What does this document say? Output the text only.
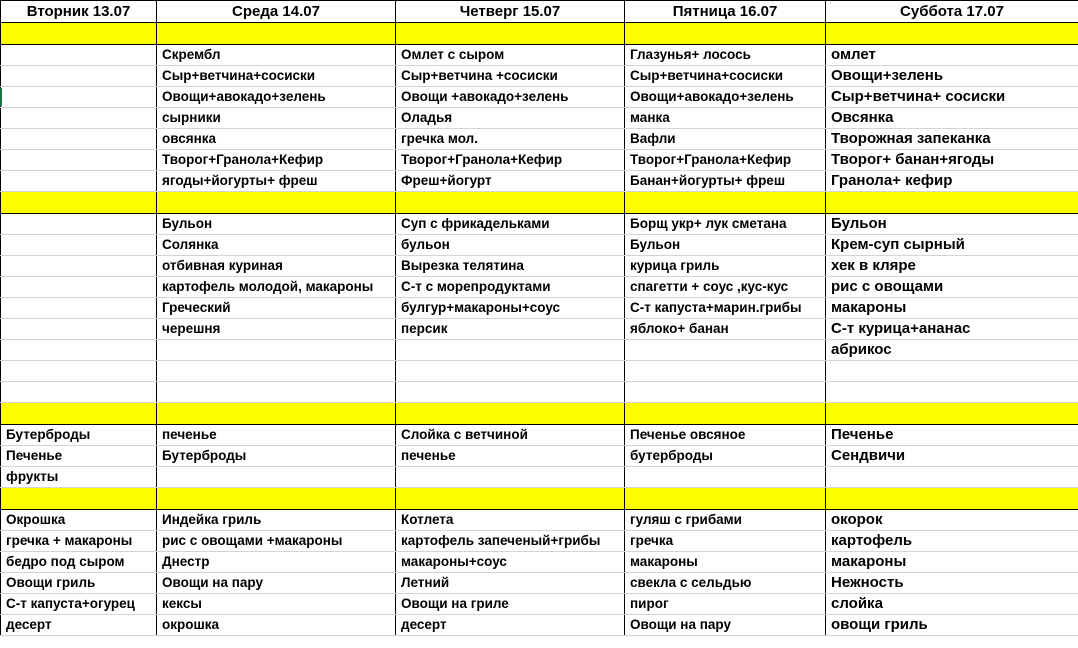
Вторник 13.07	Среда 14.07	Четверг 15.07	Пятница 16.07	Суббота 17.07

	Скрембл	Омлет с сыром	Глазунья+ лосось	омлет
	Сыр+ветчина+сосиски	Сыр+ветчина +сосиски	Сыр+ветчина+сосиски	Овощи+зелень
	Овощи+авокадо+зелень	Овощи +авокадо+зелень	Овощи+авокадо+зелень	Сыр+ветчина+ сосиски
	сырники	Оладья	манка	Овсянка
	овсянка	гречка мол.	Вафли	Творожная запеканка
	Творог+Гранола+Кефир	Творог+Гранола+Кефир	Творог+Гранола+Кефир	Творог+ банан+ягоды
	ягоды+йогурты+ фреш	Фреш+йогурт	Банан+йогурты+ фреш	Гранола+ кефир

	Бульон	Суп с фрикадельками	Борщ укр+ лук сметана	Бульон
	Солянка	бульон	Бульон	Крем-суп сырный
	отбивная куриная	Вырезка телятина	курица гриль	хек в кляре
	картофель молодой, макароны	С-т с морепродуктами	спагетти + соус ,кус-кус	рис с овощами
	Греческий	булгур+макароны+соус	С-т капуста+марин.грибы	макароны
	черешня	персик	яблоко+ банан	С-т курица+ананас
				абрикос

Бутерброды	печенье	Слойка с ветчиной	Печенье овсяное	Печенье
Печенье	Бутерброды	печенье	бутерброды	Сендвичи
фрукты				

Окрошка	Индейка гриль	Котлета	гуляш с грибами	окорок
гречка + макароны	рис с овощами +макароны	картофель запеченый+грибы	гречка	картофель
бедро под сыром	Днестр	макароны+соус	макароны	макароны
Овощи гриль	Овощи на пару	Летний	свекла с сельдью	Нежность
С-т капуста+огурец	кексы	Овощи на гриле	пирог	слойка
десерт	окрошка	десерт	Овощи на пару	овощи гриль
